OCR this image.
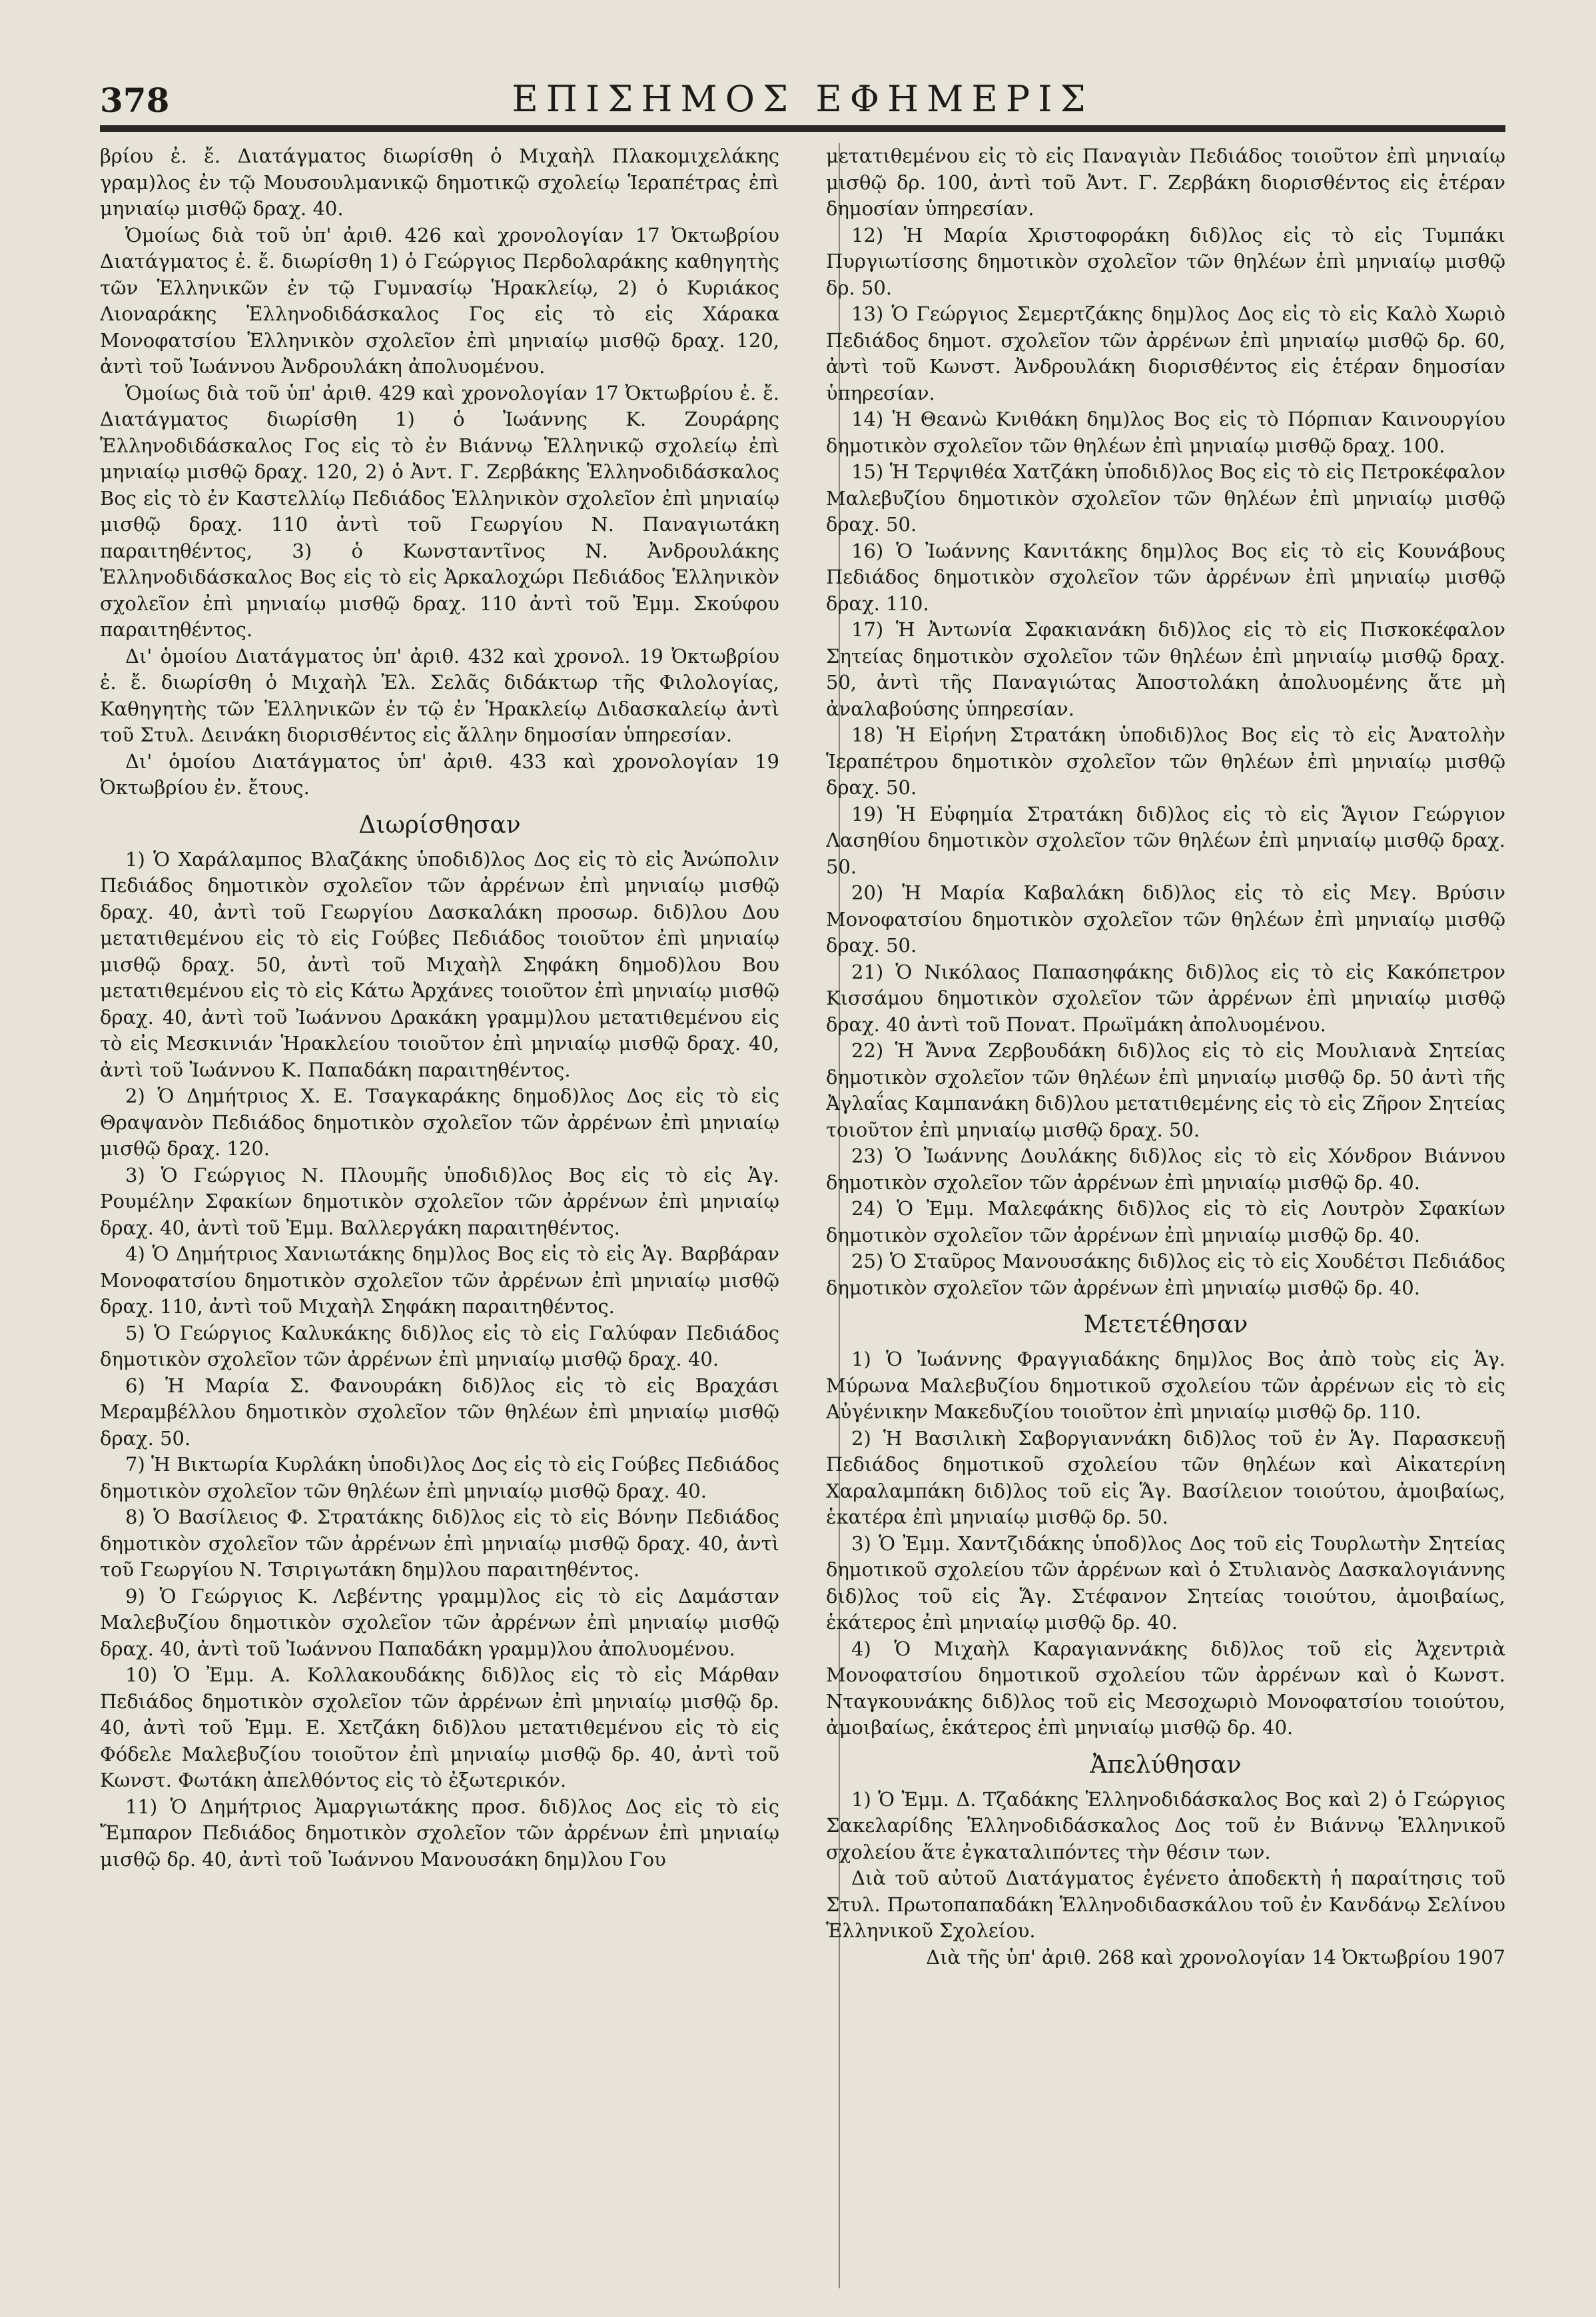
378	ΕΠΙΣΗΜΟΣ ΕΦΗΜΕΡΙΣ

βρίου ἐ. ἔ. Διατάγματος διωρίσθη ὁ Μιχαὴλ Πλακομιχελάκης γραμ)λος ἐν τῷ Μουσουλμανικῷ δημοτικῷ σχολείῳ Ἱεραπέτρας ἐπὶ μηνιαίῳ μισθῷ δραχ. 40.

Ὁμοίως διὰ τοῦ ὑπ' ἀριθ. 426 καὶ χρονολογίαν 17 Ὀκτωβρίου Διατάγματος ἐ. ἔ. διωρίσθη 1) ὁ Γεώργιος Περδολαράκης καθηγητὴς τῶν Ἑλληνικῶν ἐν τῷ Γυμνασίῳ Ἡρακλείῳ, 2) ὁ Κυριάκος Λιοναράκης Ἑλληνοδιδάσκαλος Γος εἰς τὸ εἰς Χάρακα Μονοφατσίου Ἑλληνικὸν σχολεῖον ἐπὶ μηνιαίῳ μισθῷ δραχ. 120, ἀντὶ τοῦ Ἰωάννου Ἀνδρουλάκη ἀπολυομένου.

Ὁμοίως διὰ τοῦ ὑπ' ἀριθ. 429 καὶ χρονολογίαν 17 Ὀκτωβρίου ἐ. ἔ. Διατάγματος διωρίσθη 1) ὁ Ἰωάννης Κ. Ζουράρης Ἑλληνοδιδάσκαλος Γος εἰς τὸ ἐν Βιάννῳ Ἑλληνικῷ σχολείῳ ἐπὶ μηνιαίῳ μισθῷ δραχ. 120, 2) ὁ Ἀντ. Γ. Ζερβάκης Ἑλληνοδιδάσκαλος Βος εἰς τὸ ἐν Καστελλίῳ Πεδιάδος Ἑλληνικὸν σχολεῖον ἐπὶ μηνιαίῳ μισθῷ δραχ. 110 ἀντὶ τοῦ Γεωργίου Ν. Παναγιωτάκη παραιτηθέντος, 3) ὁ Κωνσταντῖνος Ν. Ἀνδρουλάκης Ἑλληνοδιδάσκαλος Βος εἰς τὸ εἰς Ἀρκαλοχώρι Πεδιάδος Ἑλληνικὸν σχολεῖον ἐπὶ μηνιαίῳ μισθῷ δραχ. 110 ἀντὶ τοῦ Ἐμμ. Σκούφου παραιτηθέντος.

Δι' ὁμοίου Διατάγματος ὑπ' ἀριθ. 432 καὶ χρονολ. 19 Ὀκτωβρίου ἐ. ἔ. διωρίσθη ὁ Μιχαὴλ Ἐλ. Σελᾶς διδάκτωρ τῆς Φιλολογίας, Καθηγητὴς τῶν Ἑλληνικῶν ἐν τῷ ἐν Ἡρακλείῳ Διδασκαλείῳ ἀντὶ τοῦ Στυλ. Δεινάκη διορισθέντος εἰς ἄλλην δημοσίαν ὑπηρεσίαν.

Δι' ὁμοίου Διατάγματος ὑπ' ἀριθ. 433 καὶ χρονολογίαν 19 Ὀκτωβρίου ἐν. ἔτους.

Διωρίσθησαν

1) Ὁ Χαράλαμπος Βλαζάκης ὑποδιδ)λος Δος εἰς τὸ εἰς Ἀνώπολιν Πεδιάδος δημοτικὸν σχολεῖον τῶν ἀρρένων ἐπὶ μηνιαίῳ μισθῷ δραχ. 40, ἀντὶ τοῦ Γεωργίου Δασκαλάκη προσωρ. διδ)λου Δου μετατιθεμένου εἰς τὸ εἰς Γούβες Πεδιάδος τοιοῦτον ἐπὶ μηνιαίῳ μισθῷ δραχ. 50, ἀντὶ τοῦ Μιχαὴλ Σηφάκη δημοδ)λου Βου μετατιθεμένου εἰς τὸ εἰς Κάτω Ἀρχάνες τοιοῦτον ἐπὶ μηνιαίῳ μισθῷ δραχ. 40, ἀντὶ τοῦ Ἰωάννου Δρακάκη γραμμ)λου μετατιθεμένου εἰς τὸ εἰς Μεσκινιάν Ἡρακλείου τοιοῦτον ἐπὶ μηνιαίῳ μισθῷ δραχ. 40, ἀντὶ τοῦ Ἰωάννου Κ. Παπαδάκη παραιτηθέντος.

2) Ὁ Δημήτριος Χ. Ε. Τσαγκαράκης δημοδ)λος Δος εἰς τὸ εἰς Θραψανὸν Πεδιάδος δημοτικὸν σχολεῖον τῶν ἀρρένων ἐπὶ μηνιαίῳ μισθῷ δραχ. 120.

3) Ὁ Γεώργιος Ν. Πλουμῆς ὑποδιδ)λος Βος εἰς τὸ εἰς Ἁγ. Ρουμέλην Σφακίων δημοτικὸν σχολεῖον τῶν ἀρρένων ἐπὶ μηνιαίῳ δραχ. 40, ἀντὶ τοῦ Ἐμμ. Βαλλεργάκη παραιτηθέντος.

4) Ὁ Δημήτριος Χανιωτάκης δημ)λος Βος εἰς τὸ εἰς Ἁγ. Βαρβάραν Μονοφατσίου δημοτικὸν σχολεῖον τῶν ἀρρένων ἐπὶ μηνιαίῳ μισθῷ δραχ. 110, ἀντὶ τοῦ Μιχαὴλ Σηφάκη παραιτηθέντος.

5) Ὁ Γεώργιος Καλυκάκης διδ)λος εἰς τὸ εἰς Γαλύφαν Πεδιάδος δημοτικὸν σχολεῖον τῶν ἀρρένων ἐπὶ μηνιαίῳ μισθῷ δραχ. 40.

6) Ἡ Μαρία Σ. Φανουράκη διδ)λος εἰς τὸ εἰς Βραχάσι Μεραμβέλλου δημοτικὸν σχολεῖον τῶν θηλέων ἐπὶ μηνιαίῳ μισθῷ δραχ. 50.

7) Ἡ Βικτωρία Κυρλάκη ὑποδι)λος Δος εἰς τὸ εἰς Γούβες Πεδιάδος δημοτικὸν σχολεῖον τῶν θηλέων ἐπὶ μηνιαίῳ μισθῷ δραχ. 40.

8) Ὁ Βασίλειος Φ. Στρατάκης διδ)λος εἰς τὸ εἰς Βόνην Πεδιάδος δημοτικὸν σχολεῖον τῶν ἀρρένων ἐπὶ μηνιαίῳ μισθῷ δραχ. 40, ἀντὶ τοῦ Γεωργίου Ν. Τσιριγωτάκη δημ)λου παραιτηθέντος.

9) Ὁ Γεώργιος Κ. Λεβέντης γραμμ)λος εἰς τὸ εἰς Δαμάσταν Μαλεβυζίου δημοτικὸν σχολεῖον τῶν ἀρρένων ἐπὶ μηνιαίῳ μισθῷ δραχ. 40, ἀντὶ τοῦ Ἰωάννου Παπαδάκη γραμμ)λου ἀπολυομένου.

10) Ὁ Ἐμμ. Α. Κολλακουδάκης διδ)λος εἰς τὸ εἰς Μάρθαν Πεδιάδος δημοτικὸν σχολεῖον τῶν ἀρρένων ἐπὶ μηνιαίῳ μισθῷ δρ. 40, ἀντὶ τοῦ Ἐμμ. Ε. Χετζάκη διδ)λου μετατιθεμένου εἰς τὸ εἰς Φόδελε Μαλεβυζίου τοιοῦτον ἐπὶ μηνιαίῳ μισθῷ δρ. 40, ἀντὶ τοῦ Κωνστ. Φωτάκη ἀπελθόντος εἰς τὸ ἐξωτερικόν.

11) Ὁ Δημήτριος Ἀμαργιωτάκης προσ. διδ)λος Δος εἰς τὸ εἰς Ἔμπαρον Πεδιάδος δημοτικὸν σχολεῖον τῶν ἀρρένων ἐπὶ μηνιαίῳ μισθῷ δρ. 40, ἀντὶ τοῦ Ἰωάννου Μανουσάκη δημ)λου Γου

μετατιθεμένου εἰς τὸ εἰς Παναγιὰν Πεδιάδος τοιοῦτον ἐπὶ μηνιαίῳ μισθῷ δρ. 100, ἀντὶ τοῦ Ἀντ. Γ. Ζερβάκη διορισθέντος εἰς ἑτέραν δημοσίαν ὑπηρεσίαν.

12) Ἡ Μαρία Χριστοφοράκη διδ)λος εἰς τὸ εἰς Τυμπάκι Πυργιωτίσσης δημοτικὸν σχολεῖον τῶν θηλέων ἐπὶ μηνιαίῳ μισθῷ δρ. 50.

13) Ὁ Γεώργιος Σεμερτζάκης δημ)λος Δος εἰς τὸ εἰς Καλὸ Χωριὸ Πεδιάδος δημοτ. σχολεῖον τῶν ἀρρένων ἐπὶ μηνιαίῳ μισθῷ δρ. 60, ἀντὶ τοῦ Κωνστ. Ἀνδρουλάκη διορισθέντος εἰς ἑτέραν δημοσίαν ὑπηρεσίαν.

14) Ἡ Θεανὼ Κνιθάκη δημ)λος Βος εἰς τὸ Πόρπιαν Καινουργίου δημοτικὸν σχολεῖον τῶν θηλέων ἐπὶ μηνιαίῳ μισθῷ δραχ. 100.

15) Ἡ Τερψιθέα Χατζάκη ὑποδιδ)λος Βος εἰς τὸ εἰς Πετροκέφαλον Μαλεβυζίου δημοτικὸν σχολεῖον τῶν θηλέων ἐπὶ μηνιαίῳ μισθῷ δραχ. 50.

16) Ὁ Ἰωάννης Κανιτάκης δημ)λος Βος εἰς τὸ εἰς Κουνάβους Πεδιάδος δημοτικὸν σχολεῖον τῶν ἀρρένων ἐπὶ μηνιαίῳ μισθῷ δραχ. 110.

17) Ἡ Ἀντωνία Σφακιανάκη διδ)λος εἰς τὸ εἰς Πισκοκέφαλον Σητείας δημοτικὸν σχολεῖον τῶν θηλέων ἐπὶ μηνιαίῳ μισθῷ δραχ. 50, ἀντὶ τῆς Παναγιώτας Ἀποστολάκη ἀπολυομένης ἅτε μὴ ἀναλαβούσης ὑπηρεσίαν.

18) Ἡ Εἰρήνη Στρατάκη ὑποδιδ)λος Βος εἰς τὸ εἰς Ἀνατολὴν Ἱεραπέτρου δημοτικὸν σχολεῖον τῶν θηλέων ἐπὶ μηνιαίῳ μισθῷ δραχ. 50.

19) Ἡ Εὐφημία Στρατάκη διδ)λος εἰς τὸ εἰς Ἅγιον Γεώργιον Λασηθίου δημοτικὸν σχολεῖον τῶν θηλέων ἐπὶ μηνιαίῳ μισθῷ δραχ. 50.

20) Ἡ Μαρία Καβαλάκη διδ)λος εἰς τὸ εἰς Μεγ. Βρύσιν Μονοφατσίου δημοτικὸν σχολεῖον τῶν θηλέων ἐπὶ μηνιαίῳ μισθῷ δραχ. 50.

21) Ὁ Νικόλαος Παπασηφάκης διδ)λος εἰς τὸ εἰς Κακόπετρον Κισσάμου δημοτικὸν σχολεῖον τῶν ἀρρένων ἐπὶ μηνιαίῳ μισθῷ δραχ. 40 ἀντὶ τοῦ Πονατ. Πρωϊμάκη ἀπολυομένου.

22) Ἡ Ἄννα Ζερβουδάκη διδ)λος εἰς τὸ εἰς Μουλιανὰ Σητείας δημοτικὸν σχολεῖον τῶν θηλέων ἐπὶ μηνιαίῳ μισθῷ δρ. 50 ἀντὶ τῆς Ἀγλαΐας Καμπανάκη διδ)λου μετατιθεμένης εἰς τὸ εἰς Ζῆρον Σητείας τοιοῦτον ἐπὶ μηνιαίῳ μισθῷ δραχ. 50.

23) Ὁ Ἰωάννης Δουλάκης διδ)λος εἰς τὸ εἰς Χόνδρον Βιάννου δημοτικὸν σχολεῖον τῶν ἀρρένων ἐπὶ μηνιαίῳ μισθῷ δρ. 40.

24) Ὁ Ἐμμ. Μαλεφάκης διδ)λος εἰς τὸ εἰς Λουτρὸν Σφακίων δημοτικὸν σχολεῖον τῶν ἀρρένων ἐπὶ μηνιαίῳ μισθῷ δρ. 40.

25) Ὁ Σταῦρος Μανουσάκης διδ)λος εἰς τὸ εἰς Χουδέτσι Πεδιάδος δημοτικὸν σχολεῖον τῶν ἀρρένων ἐπὶ μηνιαίῳ μισθῷ δρ. 40.

Μετετέθησαν

1) Ὁ Ἰωάννης Φραγγιαδάκης δημ)λος Βος ἀπὸ τοὺς εἰς Ἁγ. Μύρωνα Μαλεβυζίου δημοτικοῦ σχολείου τῶν ἀρρένων εἰς τὸ εἰς Αὐγένικην Μακεδυζίου τοιοῦτον ἐπὶ μηνιαίῳ μισθῷ δρ. 110.

2) Ἡ Βασιλικὴ Σαβοργιαννάκη διδ)λος τοῦ ἐν Ἁγ. Παρασκευῇ Πεδιάδος δημοτικοῦ σχολείου τῶν θηλέων καὶ Αἰκατερίνη Χαραλαμπάκη διδ)λος τοῦ εἰς Ἅγ. Βασίλειον τοιούτου, ἀμοιβαίως, ἑκατέρα ἐπὶ μηνιαίῳ μισθῷ δρ. 50.

3) Ὁ Ἐμμ. Χαντζιδάκης ὑποδ)λος Δος τοῦ εἰς Τουρλωτὴν Σητείας δημοτικοῦ σχολείου τῶν ἀρρένων καὶ ὁ Στυλιανὸς Δασκαλογιάννης διδ)λος τοῦ εἰς Ἅγ. Στέφανον Σητείας τοιούτου, ἀμοιβαίως, ἑκάτερος ἐπὶ μηνιαίῳ μισθῷ δρ. 40.

4) Ὁ Μιχαὴλ Καραγιαννάκης διδ)λος τοῦ εἰς Ἀχεντριὰ Μονοφατσίου δημοτικοῦ σχολείου τῶν ἀρρένων καὶ ὁ Κωνστ. Νταγκουνάκης διδ)λος τοῦ εἰς Μεσοχωριὸ Μονοφατσίου τοιούτου, ἀμοιβαίως, ἑκάτερος ἐπὶ μηνιαίῳ μισθῷ δρ. 40.

Ἀπελύθησαν

1) Ὁ Ἐμμ. Δ. Τζαδάκης Ἑλληνοδιδάσκαλος Βος καὶ 2) ὁ Γεώργιος Σακελαρίδης Ἑλληνοδιδάσκαλος Δος τοῦ ἐν Βιάννῳ Ἑλληνικοῦ σχολείου ἅτε ἐγκαταλιπόντες τὴν θέσιν των.

Διὰ τοῦ αὐτοῦ Διατάγματος ἐγένετο ἀποδεκτὴ ἡ παραίτησις τοῦ Στυλ. Πρωτοπαπαδάκη Ἑλληνοδιδασκάλου τοῦ ἐν Κανδάνῳ Σελίνου Ἑλληνικοῦ Σχολείου.

Διὰ τῆς ὑπ' ἀριθ. 268 καὶ χρονολογίαν 14 Ὀκτωβρίου 1907
